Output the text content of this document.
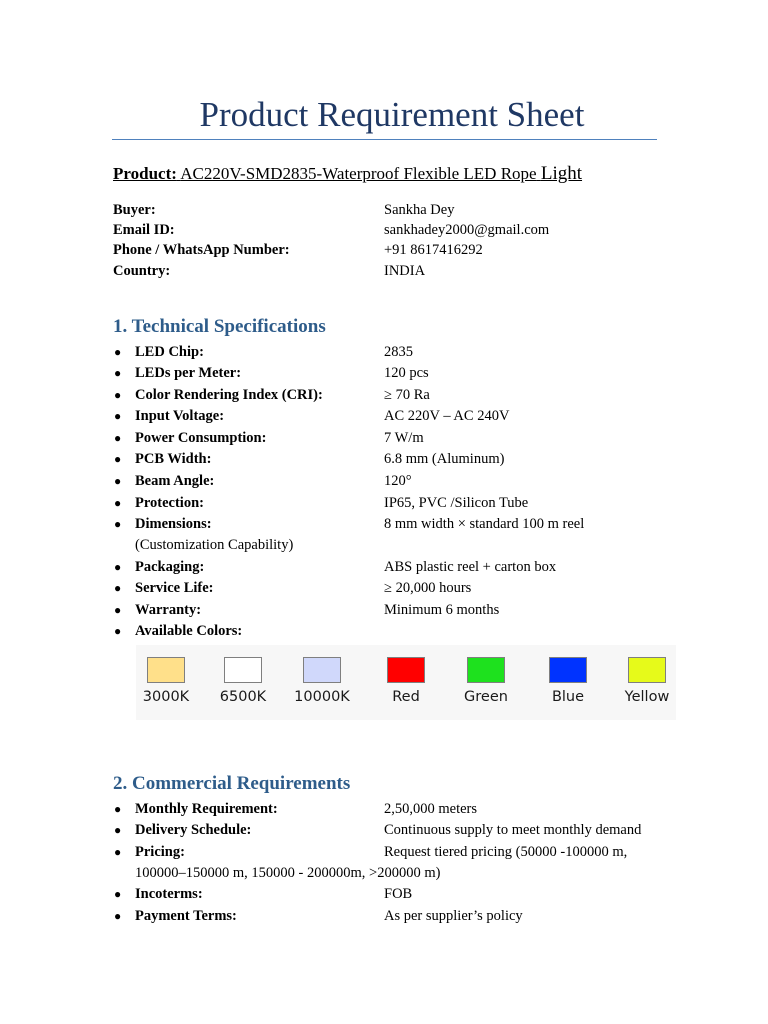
Product Requirement Sheet
Product: AC220V-SMD2835-Waterproof Flexible LED Rope Light
Buyer:	Sankha Dey
Email ID:	sankhadey2000@gmail.com
Phone / WhatsApp Number:	+91 8617416292
Country:	INDIA
1. Technical Specifications
● LED Chip:	2835
● LEDs per Meter:	120 pcs
● Color Rendering Index (CRI):	≥ 70 Ra
● Input Voltage:	AC 220V – AC 240V
● Power Consumption:	7 W/m
● PCB Width:	6.8 mm (Aluminum)
● Beam Angle:	120°
● Protection:	IP65, PVC /Silicon Tube
● Dimensions:	8 mm width × standard 100 m reel
(Customization Capability)
● Packaging:	ABS plastic reel + carton box
● Service Life:	≥ 20,000 hours
● Warranty:	Minimum 6 months
● Available Colors:
3000K	6500K	10000K	Red	Green	Blue	Yellow
2. Commercial Requirements
● Monthly Requirement:	2,50,000 meters
● Delivery Schedule:	Continuous supply to meet monthly demand
● Pricing:	Request tiered pricing (50000 -100000 m,
100000–150000 m, 150000 - 200000m, >200000 m)
● Incoterms:	FOB
● Payment Terms:	As per supplier’s policy
